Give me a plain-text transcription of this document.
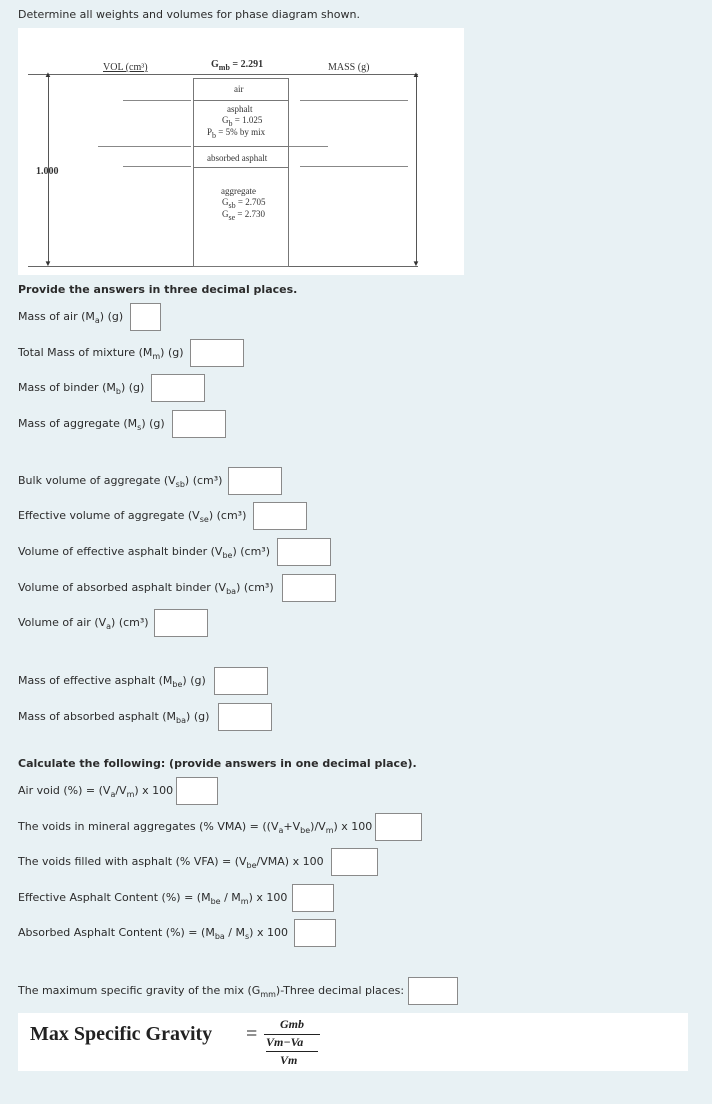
Determine all weights and volumes for phase diagram shown.
VOL (cm³)	$G_{mb} = 2.291$	MASS (g)
▲
▼
1.000
▲
▼
air
asphalt
$G_b = 1.025$
$P_b = 5\%$ by mix
absorbed asphalt
aggregate
$G_{sb} = 2.705$
$G_{se} = 2.730$
Provide the answers in three decimal places.
Mass of air $(M_a)$ (g)
Total Mass of mixture $(M_m)$ (g)
Mass of binder $(M_b)$ (g)
Mass of aggregate $(M_s)$ (g)
Bulk volume of aggregate $(V_{sb})$ (cm³)
Effective volume of aggregate $(V_{se})$ (cm³)
Volume of effective asphalt binder $(V_{be})$ (cm³)
Volume of absorbed asphalt binder $(V_{ba})$ (cm³)
Volume of air $(V_a)$ (cm³)
Mass of effective asphalt $(M_{be})$ (g)
Mass of absorbed asphalt $(M_{ba})$ (g)
Calculate the following: (provide answers in one decimal place).
Air void (%) = $(V_a/V_m)$ x 100
The voids in mineral aggregates (% $VMA) = ((V_a+V_{be})/V_m)$ x 100
The voids filled with asphalt (% $VFA) = (V_{be}/VMA)$ x 100
Effective Asphalt Content (%) = $(M_{be} / M_m)$ x 100
Absorbed Asphalt Content (%) = $(M_{ba} / M_s)$ x 100
The maximum specific gravity of the mix $(G_{mm})$-Three decimal places:
Max Specific Gravity = Gmb
Vm−Va
Vm
